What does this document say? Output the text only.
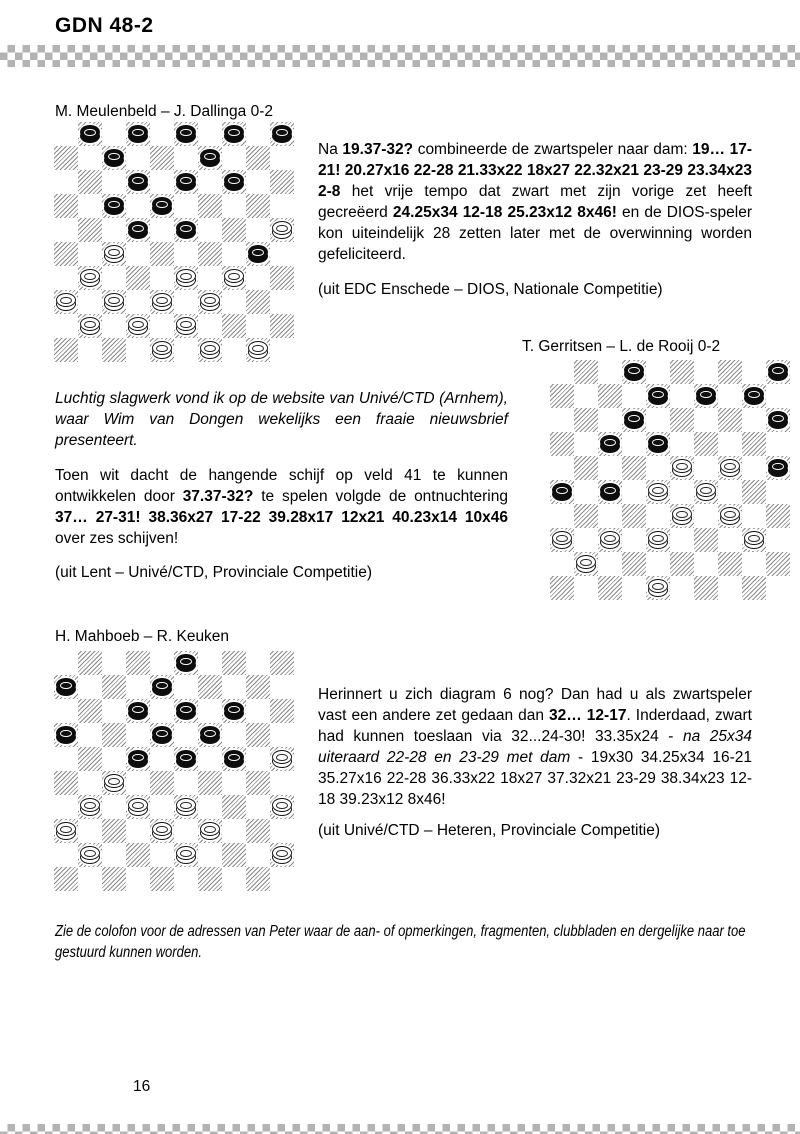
GDN 48-2
M. Meulenbeld – J. Dallinga 0-2
Na 19.37-32? combineerde de zwartspeler naar dam: 19… 17-21! 20.27x16 22-28 21.33x22 18x27 22.32x21 23-29 23.34x23 2-8 het vrije tempo dat zwart met zijn vorige zet heeft gecreëerd 24.25x34 12-18 25.23x12 8x46! en de DIOS-speler kon uiteindelijk 28 zetten later met de overwinning worden gefeliciteerd.
(uit EDC Enschede – DIOS, Nationale Competitie)
T. Gerritsen – L. de Rooij 0-2
Luchtig slagwerk vond ik op de website van Univé/CTD (Arnhem), waar Wim van Dongen wekelijks een fraaie nieuwsbrief presenteert.
Toen wit dacht de hangende schijf op veld 41 te kunnen ontwikkelen door 37.37-32? te spelen volgde de ontnuchtering 37… 27-31! 38.36x27 17-22 39.28x17 12x21 40.23x14 10x46 over zes schijven!
(uit Lent – Univé/CTD, Provinciale Competitie)
H. Mahboeb – R. Keuken
Herinnert u zich diagram 6 nog? Dan had u als zwartspeler vast een andere zet gedaan dan 32… 12-17. Inderdaad, zwart had kunnen toeslaan via 32...24-30! 33.35x24 - na 25x34 uiteraard 22-28 en 23-29 met dam - 19x30 34.25x34 16-21 35.27x16 22-28 36.33x22 18x27 37.32x21 23-29 38.34x23 12-18 39.23x12 8x46!
(uit Univé/CTD – Heteren, Provinciale Competitie)
Zie de colofon voor de adressen van Peter waar de aan- of opmerkingen, fragmenten, clubbladen en dergelijke naar toe gestuurd kunnen worden.
16
